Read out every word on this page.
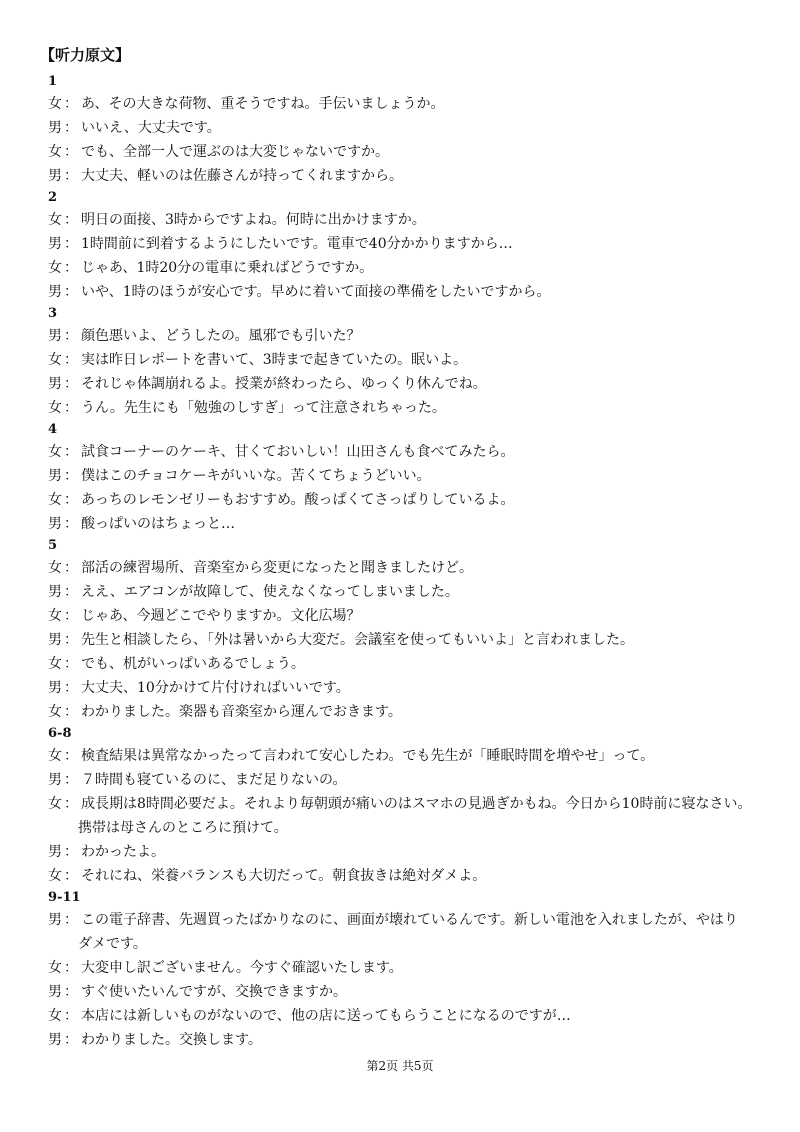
【听力原文】
1
女 ： あ、その大きな荷物、重そうですね。手伝いましょうか。
男 ： いいえ、大丈夫です。
女 ： でも、全部一人で運ぶのは大変じゃないですか。
男 ： 大丈夫、軽いのは佐藤さんが持ってくれますから。
2
女 ： 明日の面接、3時からですよね。何時に出かけますか。
男 ： 1時間前に到着するようにしたいです。電車で40分かかりますから…
女 ： じゃあ、1時20分の電車に乗ればどうですか。
男 ： いや、1時のほうが安心です。早めに着いて面接の準備をしたいですから。
3
男 ： 顔色悪いよ、どうしたの。風邪でも引いた？
女 ： 実は昨日レポートを書いて、3時まで起きていたの。眠いよ。
男 ： それじゃ体調崩れるよ。授業が終わったら、ゆっくり休んでね。
女 ： うん。先生にも「勉強のしすぎ」って注意されちゃった。
4
女 ： 試食コーナーのケーキ、甘くておいしい！山田さんも食べてみたら。
男 ： 僕はこのチョコケーキがいいな。苦くてちょうどいい。
女 ： あっちのレモンゼリーもおすすめ。酸っぱくてさっぱりしているよ。
男 ： 酸っぱいのはちょっと…
5
女 ： 部活の練習場所、音楽室から変更になったと聞きましたけど。
男 ： ええ、エアコンが故障して、使えなくなってしまいました。
女 ： じゃあ、今週どこでやりますか。文化広場？
男 ： 先生と相談したら、「外は暑いから大変だ。会議室を使ってもいいよ」と言われました。
女 ： でも、机がいっぱいあるでしょう。
男 ： 大丈夫、10分かけて片付ければいいです。
女 ： わかりました。楽器も音楽室から運んでおきます。
6-8
女 ： 検査結果は異常なかったって言われて安心したわ。でも先生が「睡眠時間を増やせ」って。
男 ： ７時間も寝ているのに、まだ足りないの。
女 ： 成長期は8時間必要だよ。それより毎朝頭が痛いのはスマホの見過ぎかもね。今日から10時前に寝なさい。
携帯は母さんのところに預けて。
男 ： わかったよ。
女 ： それにね、栄養バランスも大切だって。朝食抜きは絶対ダメよ。
9-11
男 ： この電子辞書、先週買ったばかりなのに、画面が壊れているんです。新しい電池を入れましたが、やはり
ダメです。
女 ： 大変申し訳ございません。今すぐ確認いたします。
男 ： すぐ使いたいんですが、交換できますか。
女 ： 本店には新しいものがないので、他の店に送ってもらうことになるのですが…
男 ： わかりました。交換します。
第2页 共5页
